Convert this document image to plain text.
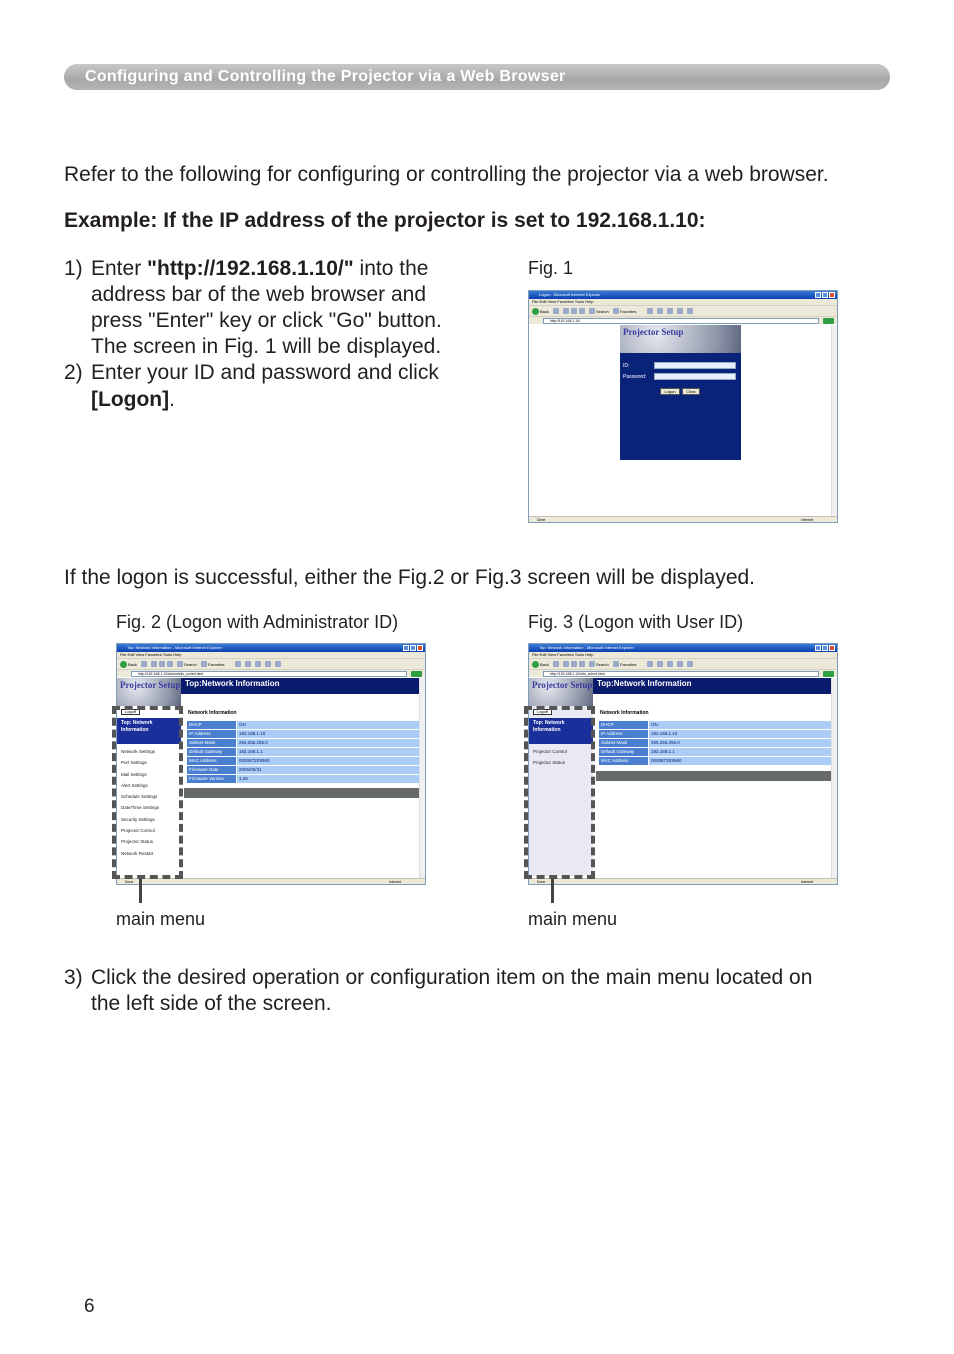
Configuring and Controlling the Projector via a Web Browser
Refer to the following for configuring or controlling the projector via a web browser.
Example: If the IP address of the projector is set to 192.168.1.10:
1) Enter "http://192.168.1.10/" into the
address bar of the web browser and
press "Enter" key or click "Go" button.
The screen in Fig. 1 will be displayed.
2) Enter your ID and password and click
[Logon].
Fig. 1
Logon - Microsoft Internet Explorer
File Edit View Favorites Tools Help
Back	Search	Favorites
http://192.168.1.10/
Projector Setup
ID:
Password:
Logon	Clear
Done	Internet
If the logon is successful, either the Fig.2 or Fig.3 screen will be displayed.
Fig. 2 (Logon with Administrator ID)	Fig. 3 (Logon with User ID)
Top: Network Information - Microsoft Internet Explorer
File Edit View Favorites Tools Help
Back	Search	Favorites
http://192.168.1.10/admin/info_sched.html
Projector Setup Top:Network Information
Logoff
Top: Network Information
Network Settings
Port Settings
Mail Settings
Alert Settings
Schedule Settings
Date/Time Settings
Security Settings
Projector Control
Projector Status
Network Restart
Network Information
DHCP	ON
IP Address	192.168.1.10
Subnet Mask	255.255.255.0
Default Gateway	192.168.1.1
MAC Address	0000872E9560
Firmware Date	2006/05/31
Firmware Version	1.26
Done	Internet
main menu
Top: Network Information - Microsoft Internet Explorer
File Edit View Favorites Tools Help
Back	Search	Favorites
http://192.168.1.10/info_sched.html
Projector Setup Top:Network Information
Logoff
Top: Network Information
Projector Control
Projector Status
Network Information
DHCP	ON
IP Address	192.168.1.10
Subnet Mask	255.255.255.0
Default Gateway	192.168.1.1
MAC Address	0000872E9560
Done	Internet
main menu
3) Click the desired operation or configuration item on the main menu located on
the left side of the screen.
6
